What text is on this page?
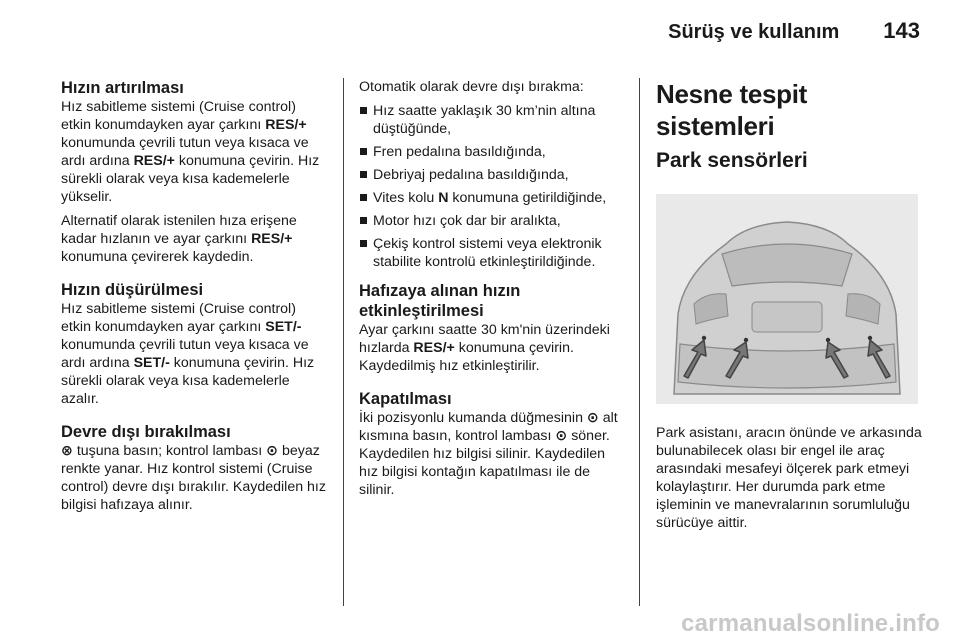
Sürüş ve kullanım 143
Hızın artırılması

Hız sabitleme sistemi (Cruise control) etkin konumdayken ayar çarkını RES/+ konumunda çevrili tutun veya kısaca ve ardı ardına RES/+ konumuna çevirin. Hız sürekli olarak veya kısa kademelerle yükselir.

Alternatif olarak istenilen hıza erişene kadar hızlanın ve ayar çarkını RES/+ konumuna çevirerek kaydedin.

Hızın düşürülmesi

Hız sabitleme sistemi (Cruise control) etkin konumdayken ayar çarkını SET/- konumunda çevrili tutun veya kısaca ve ardı ardına SET/- konumuna çevirin. Hız sürekli olarak veya kısa kademelerle azalır.

Devre dışı bırakılması

⊗ tuşuna basın; kontrol lambası ⊙ beyaz renkte yanar. Hız kontrol sistemi (Cruise control) devre dışı bırakılır. Kaydedilen hız bilgisi hafızaya alınır.

Otomatik olarak devre dışı bırakma:

Hız saatte yaklaşık 30 km’nin altına düştüğünde,
Fren pedalına basıldığında,
Debriyaj pedalına basıldığında,
Vites kolu N konumuna getirildiğinde,
Motor hızı çok dar bir aralıkta,
Çekiş kontrol sistemi veya elektronik stabilite kontrolü etkinleştirildiğinde.
Hafızaya alınan hızın etkinleştirilmesi

Ayar çarkını saatte 30 km'nin üzerindeki hızlarda RES/+ konumuna çevirin. Kaydedilmiş hız etkinleştirilir.

Kapatılması

İki pozisyonlu kumanda düğmesinin ⊙ alt kısmına basın, kontrol lambası ⊙ söner. Kaydedilen hız bilgisi silinir. Kaydedilen hız bilgisi kontağın kapatılması ile de silinir.

Nesne tespit sistemleri
Park sensörleri

Park asistanı, aracın önünde ve arkasında bulunabilecek olası bir engel ile araç arasındaki mesafeyi ölçerek park etmeyi kolaylaştırır. Her durumda park etme işleminin ve manevralarının sorumluluğu sürücüye aittir.

carmanualsonline.info
